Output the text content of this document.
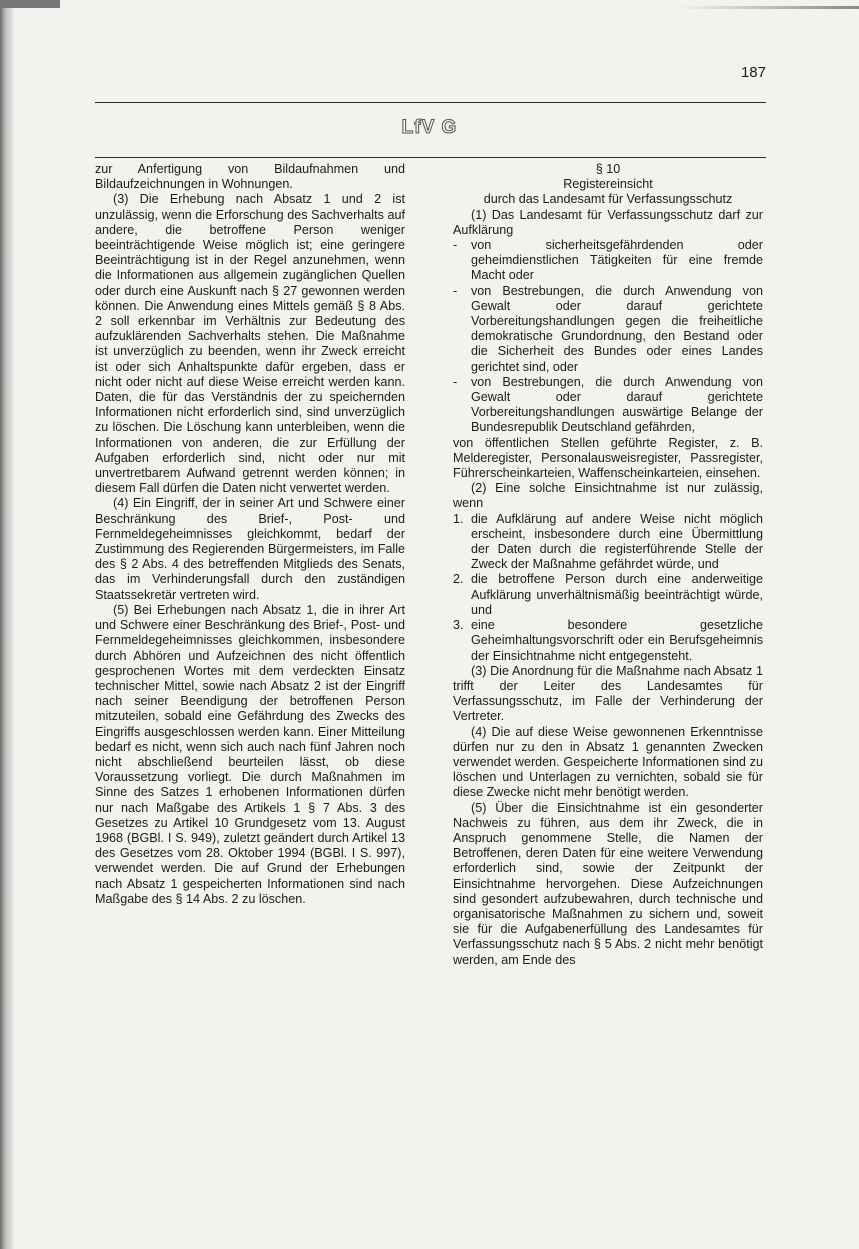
187
LfV G

zur Anfertigung von Bildaufnahmen und Bildaufzeichnungen in Wohnungen.

(3) Die Erhebung nach Absatz 1 und 2 ist unzulässig, wenn die Erforschung des Sachverhalts auf andere, die betroffene Person weniger beeinträchtigende Weise möglich ist; eine geringere Beeinträchtigung ist in der Regel anzunehmen, wenn die Informationen aus allgemein zugänglichen Quellen oder durch eine Auskunft nach § 27 gewonnen werden können. Die Anwendung eines Mittels gemäß § 8 Abs. 2 soll erkennbar im Verhältnis zur Bedeutung des aufzuklärenden Sachverhalts stehen. Die Maßnahme ist unverzüglich zu beenden, wenn ihr Zweck erreicht ist oder sich Anhaltspunkte dafür ergeben, dass er nicht oder nicht auf diese Weise erreicht werden kann. Daten, die für das Verständnis der zu speichernden Informationen nicht erforderlich sind, sind unverzüglich zu löschen. Die Löschung kann unterbleiben, wenn die Informationen von anderen, die zur Erfüllung der Aufgaben erforderlich sind, nicht oder nur mit unvertretbarem Aufwand getrennt werden können; in diesem Fall dürfen die Daten nicht verwertet werden.

(4) Ein Eingriff, der in seiner Art und Schwere einer Beschränkung des Brief-, Post- und Fernmeldegeheimnisses gleichkommt, bedarf der Zustimmung des Regierenden Bürgermeisters, im Falle des § 2 Abs. 4 des betreffenden Mitglieds des Senats, das im Verhinderungsfall durch den zuständigen Staatssekretär vertreten wird.

(5) Bei Erhebungen nach Absatz 1, die in ihrer Art und Schwere einer Beschränkung des Brief-, Post- und Fernmeldegeheimnisses gleichkommen, insbesondere durch Abhören und Aufzeichnen des nicht öffentlich gesprochenen Wortes mit dem verdeckten Einsatz technischer Mittel, sowie nach Absatz 2 ist der Eingriff nach seiner Beendigung der betroffenen Person mitzuteilen, sobald eine Gefährdung des Zwecks des Eingriffs ausgeschlossen werden kann. Einer Mitteilung bedarf es nicht, wenn sich auch nach fünf Jahren noch nicht abschließend beurteilen lässt, ob diese Voraussetzung vorliegt. Die durch Maßnahmen im Sinne des Satzes 1 erhobenen Informationen dürfen nur nach Maßgabe des Artikels 1 § 7 Abs. 3 des Gesetzes zu Artikel 10 Grundgesetz vom 13. August 1968 (BGBl. I S. 949), zuletzt geändert durch Artikel 13 des Gesetzes vom 28. Oktober 1994 (BGBl. I S. 997), verwendet werden. Die auf Grund der Erhebungen nach Absatz 1 gespeicherten Informationen sind nach Maßgabe des § 14 Abs. 2 zu löschen.

§ 10

Registereinsicht

durch das Landesamt für Verfassungsschutz

(1) Das Landesamt für Verfassungsschutz darf zur Aufklärung

- von sicherheitsgefährdenden oder geheimdienstlichen Tätigkeiten für eine fremde Macht oder
- von Bestrebungen, die durch Anwendung von Gewalt oder darauf gerichtete Vorbereitungshandlungen gegen die freiheitliche demokratische Grundordnung, den Bestand oder die Sicherheit des Bundes oder eines Landes gerichtet sind, oder
- von Bestrebungen, die durch Anwendung von Gewalt oder darauf gerichtete Vorbereitungshandlungen auswärtige Belange der Bundesrepublik Deutschland gefährden,

von öffentlichen Stellen geführte Register, z. B. Melderegister, Personalausweisregister, Passregister, Führerscheinkarteien, Waffenscheinkarteien, einsehen.

(2) Eine solche Einsichtnahme ist nur zulässig, wenn

1. die Aufklärung auf andere Weise nicht möglich erscheint, insbesondere durch eine Übermittlung der Daten durch die registerführende Stelle der Zweck der Maßnahme gefährdet würde, und
2. die betroffene Person durch eine anderweitige Aufklärung unverhältnismäßig beeinträchtigt würde, und
3. eine besondere gesetzliche Geheimhaltungsvorschrift oder ein Berufsgeheimnis der Einsichtnahme nicht entgegensteht.

(3) Die Anordnung für die Maßnahme nach Absatz 1 trifft der Leiter des Landesamtes für Verfassungsschutz, im Falle der Verhinderung der Vertreter.

(4) Die auf diese Weise gewonnenen Erkenntnisse dürfen nur zu den in Absatz 1 genannten Zwecken verwendet werden. Gespeicherte Informationen sind zu löschen und Unterlagen zu vernichten, sobald sie für diese Zwecke nicht mehr benötigt werden.

(5) Über die Einsichtnahme ist ein gesonderter Nachweis zu führen, aus dem ihr Zweck, die in Anspruch genommene Stelle, die Namen der Betroffenen, deren Daten für eine weitere Verwendung erforderlich sind, sowie der Zeitpunkt der Einsichtnahme hervorgehen. Diese Aufzeichnungen sind gesondert aufzubewahren, durch technische und organisatorische Maßnahmen zu sichern und, soweit sie für die Aufgabenerfüllung des Landesamtes für Verfassungsschutz nach § 5 Abs. 2 nicht mehr benötigt werden, am Ende des
